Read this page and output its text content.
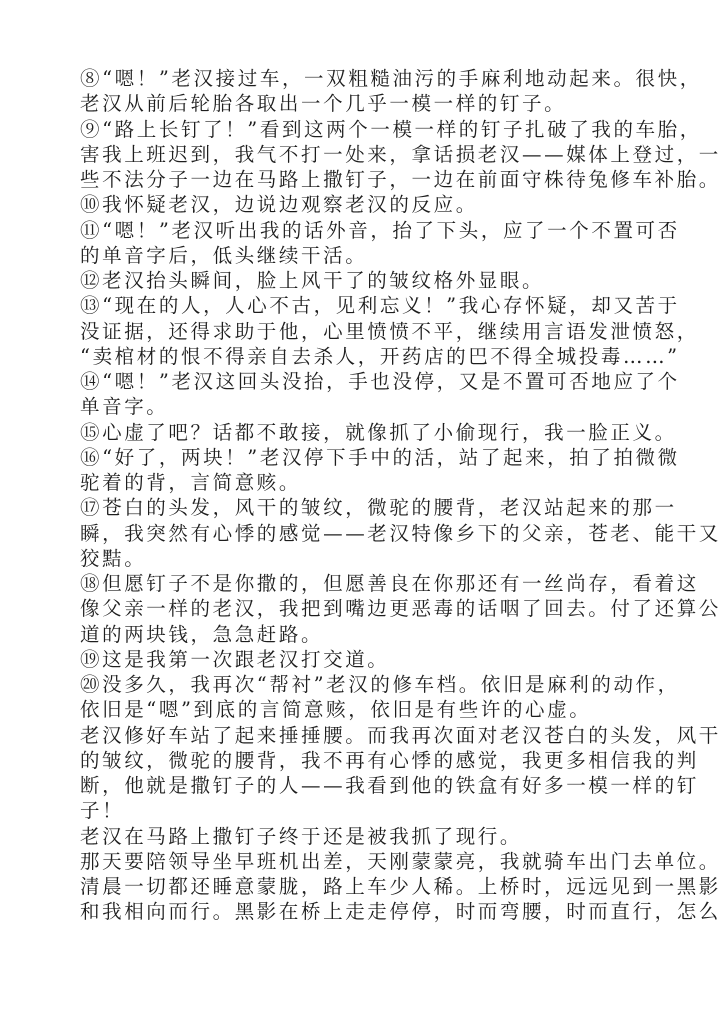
⑧“嗯！”老汉接过车，一双粗糙油污的手麻利地动起来。很快，
老汉从前后轮胎各取出一个几乎一模一样的钉子。
⑨“路上长钉了！”看到这两个一模一样的钉子扎破了我的车胎，
害我上班迟到，我气不打一处来，拿话损老汉——媒体上登过，一
些不法分子一边在马路上撒钉子，一边在前面守株待兔修车补胎。
⑩我怀疑老汉，边说边观察老汉的反应。
⑪“嗯！”老汉听出我的话外音，抬了下头，应了一个不置可否
的单音字后，低头继续干活。
⑫老汉抬头瞬间，脸上风干了的皱纹格外显眼。
⑬“现在的人，人心不古，见利忘义！”我心存怀疑，却又苦于
没证据，还得求助于他，心里愤愤不平，继续用言语发泄愤怒，
“卖棺材的恨不得亲自去杀人，开药店的巴不得全城投毒……”
⑭“嗯！”老汉这回头没抬，手也没停，又是不置可否地应了个
单音字。
⑮心虚了吧？话都不敢接，就像抓了小偷现行，我一脸正义。
⑯“好了，两块！”老汉停下手中的活，站了起来，拍了拍微微
驼着的背，言简意赅。
⑰苍白的头发，风干的皱纹，微驼的腰背，老汉站起来的那一
瞬，我突然有心悸的感觉——老汉特像乡下的父亲，苍老、能干又
狡黠。
⑱但愿钉子不是你撒的，但愿善良在你那还有一丝尚存，看着这
像父亲一样的老汉，我把到嘴边更恶毒的话咽了回去。付了还算公
道的两块钱，急急赶路。
⑲这是我第一次跟老汉打交道。
⑳没多久，我再次“帮衬”老汉的修车档。依旧是麻利的动作，
依旧是“嗯”到底的言简意赅，依旧是有些许的心虚。
老汉修好车站了起来捶捶腰。而我再次面对老汉苍白的头发，风干
的皱纹，微驼的腰背，我不再有心悸的感觉，我更多相信我的判
断，他就是撒钉子的人——我看到他的铁盒有好多一模一样的钉
子！
老汉在马路上撒钉子终于还是被我抓了现行。
那天要陪领导坐早班机出差，天刚蒙蒙亮，我就骑车出门去单位。
清晨一切都还睡意蒙胧，路上车少人稀。上桥时，远远见到一黑影
和我相向而行。黑影在桥上走走停停，时而弯腰，时而直行，怎么
